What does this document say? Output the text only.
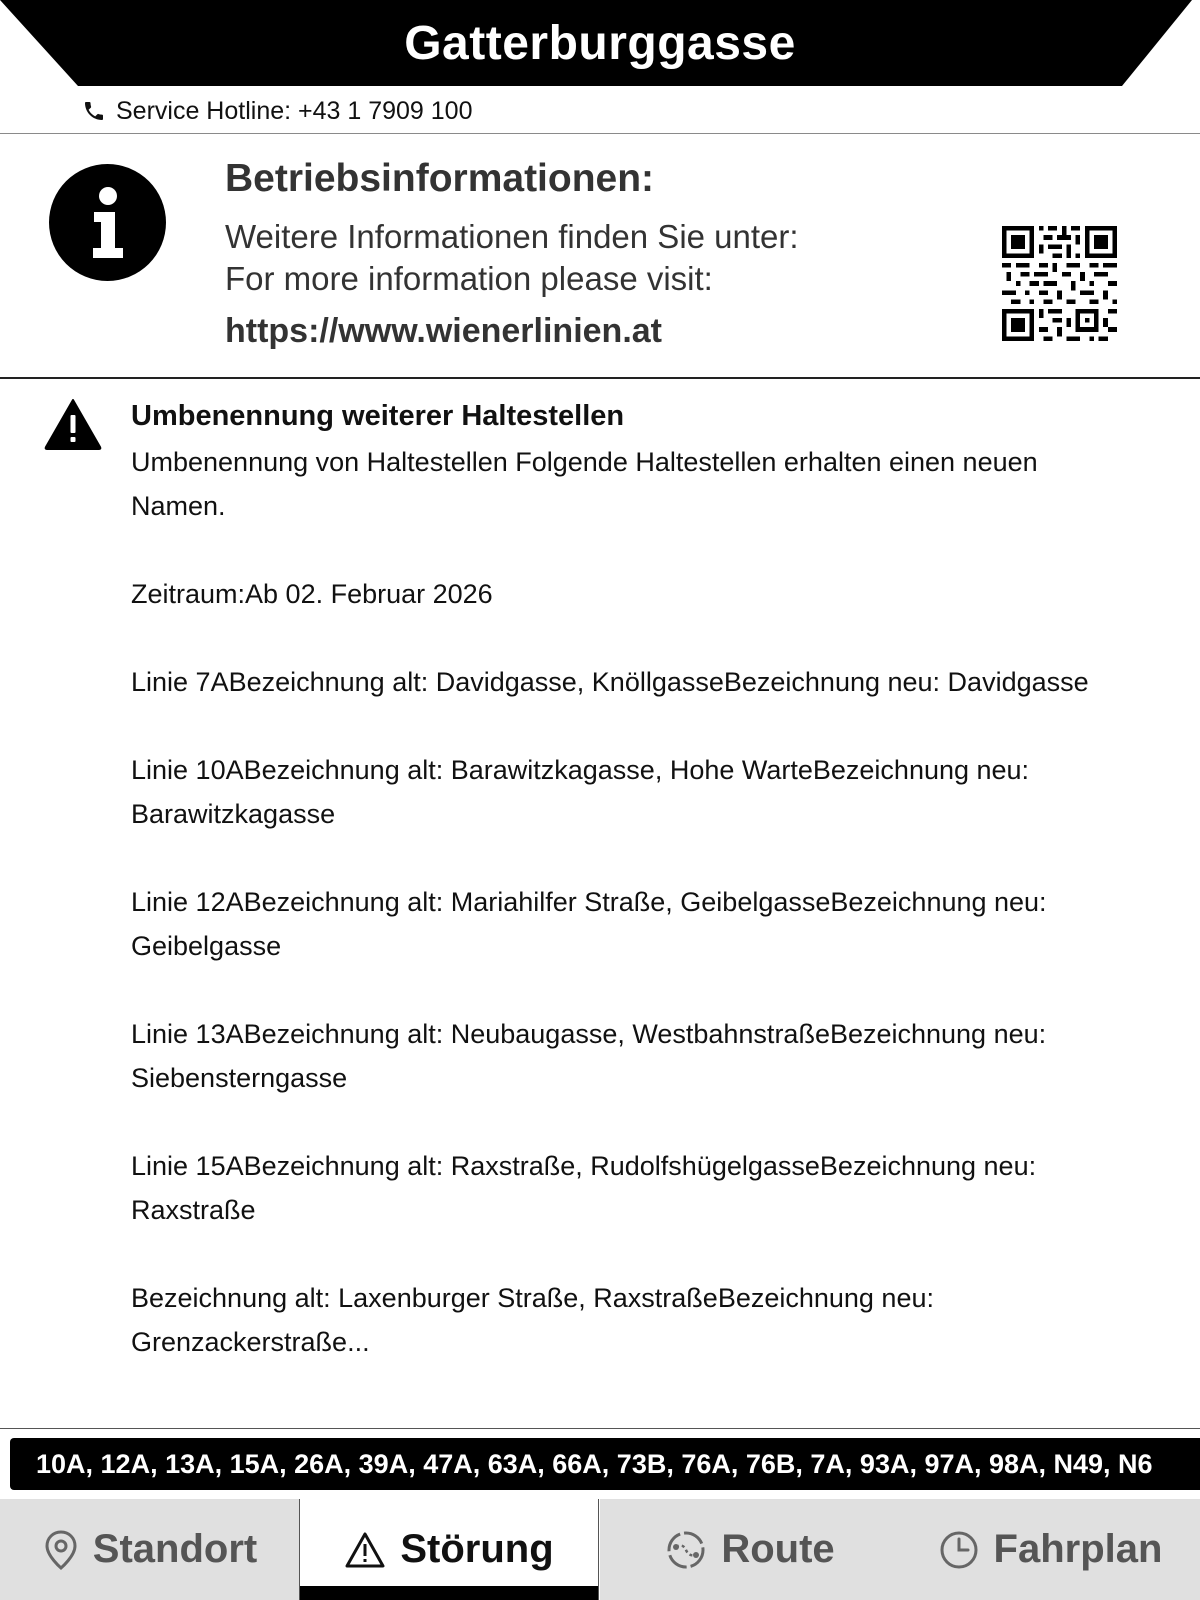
Gatterburggasse
Service Hotline: +43 1 7909 100
Betriebsinformationen:
Weitere Informationen finden Sie unter:
For more information please visit:
https://www.wienerlinien.at
Umbenennung weiterer Haltestellen

Umbenennung von Haltestellen Folgende Haltestellen erhalten einen neuen Namen.

Zeitraum:Ab 02. Februar 2026

Linie 7ABezeichnung alt: Davidgasse, KnöllgasseBezeichnung neu: Davidgasse

Linie 10ABezeichnung alt: Barawitzkagasse, Hohe WarteBezeichnung neu: Barawitzkagasse

Linie 12ABezeichnung alt: Mariahilfer Straße, GeibelgasseBezeichnung neu: Geibelgasse

Linie 13ABezeichnung alt: Neubaugasse, WestbahnstraßeBezeichnung neu: Siebensterngasse

Linie 15ABezeichnung alt: Raxstraße, RudolfshügelgasseBezeichnung neu: Raxstraße

Bezeichnung alt: Laxenburger Straße, RaxstraßeBezeichnung neu: Grenzackerstraße...

10A, 12A, 13A, 15A, 26A, 39A, 47A, 63A, 66A, 73B, 76A, 76B, 7A, 93A, 97A, 98A, N49, N6
Standort	Störung	Route	Fahrplan
